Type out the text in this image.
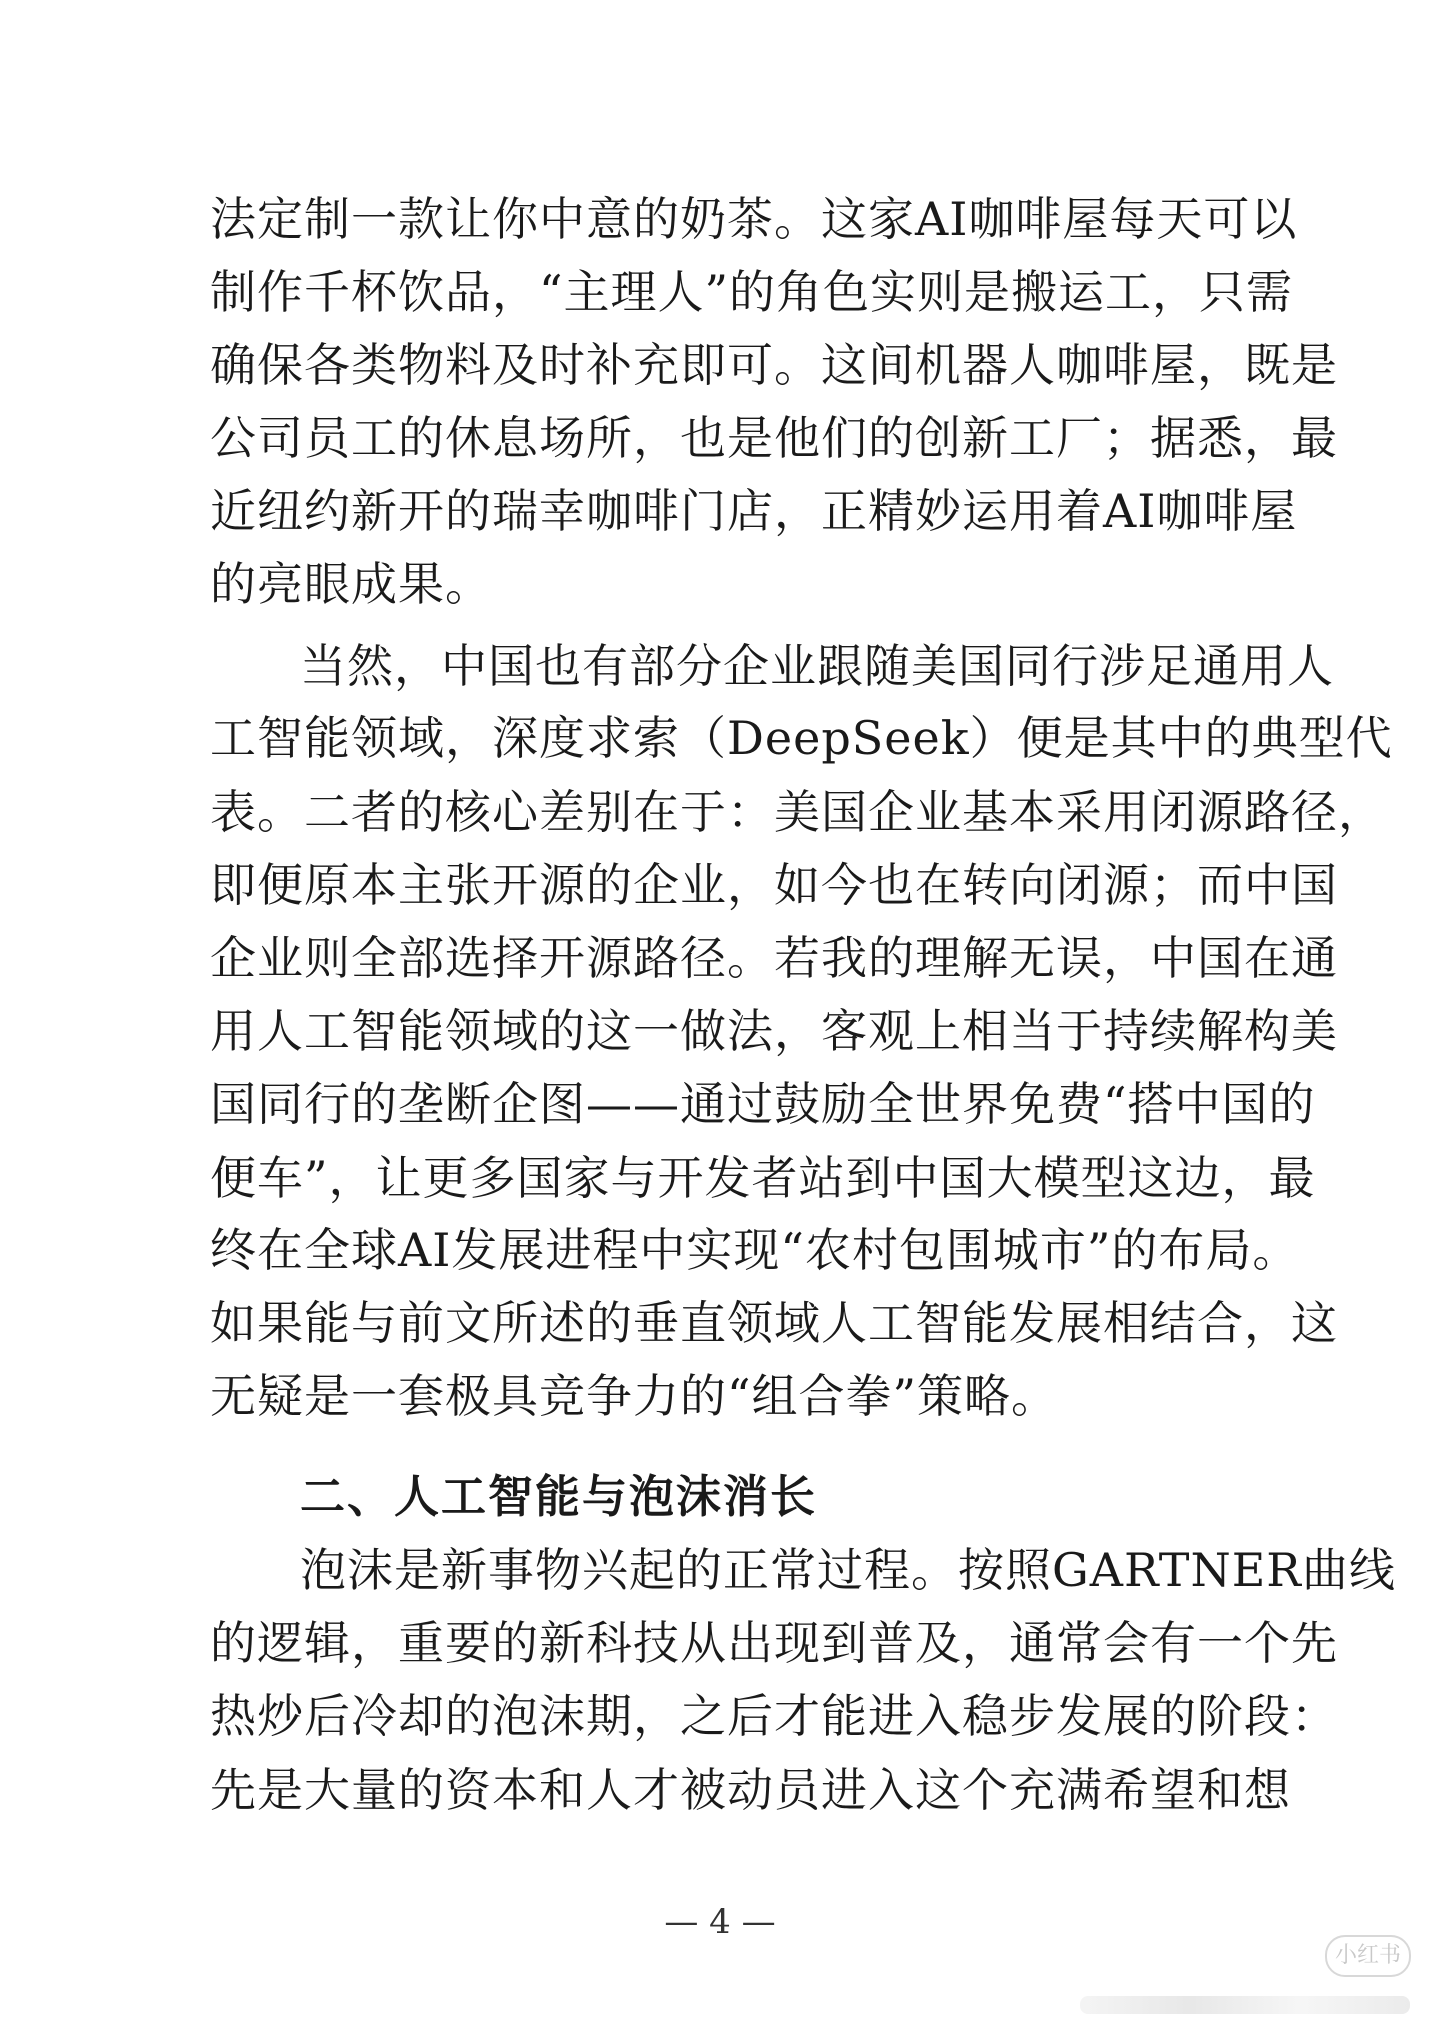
法定制一款让你中意的奶茶。这家AI咖啡屋每天可以

制作千杯饮品，“主理人”的角色实则是搬运工，只需

确保各类物料及时补充即可。这间机器人咖啡屋，既是

公司员工的休息场所，也是他们的创新工厂；据悉，最

近纽约新开的瑞幸咖啡门店，正精妙运用着AI咖啡屋

的亮眼成果。

当然，中国也有部分企业跟随美国同行涉足通用人

工智能领域，深度求索（DeepSeek）便是其中的典型代

表。二者的核心差别在于：美国企业基本采用闭源路径，

即便原本主张开源的企业，如今也在转向闭源；而中国

企业则全部选择开源路径。若我的理解无误，中国在通

用人工智能领域的这一做法，客观上相当于持续解构美

国同行的垄断企图——通过鼓励全世界免费“搭中国的

便车”，让更多国家与开发者站到中国大模型这边，最

终在全球AI发展进程中实现“农村包围城市”的布局。

如果能与前文所述的垂直领域人工智能发展相结合，这

无疑是一套极具竞争力的“组合拳”策略。

二、人工智能与泡沫消长

泡沫是新事物兴起的正常过程。按照GARTNER曲线

的逻辑，重要的新科技从出现到普及，通常会有一个先

热炒后冷却的泡沫期，之后才能进入稳步发展的阶段：

先是大量的资本和人才被动员进入这个充满希望和想

— 4 —
小红书
